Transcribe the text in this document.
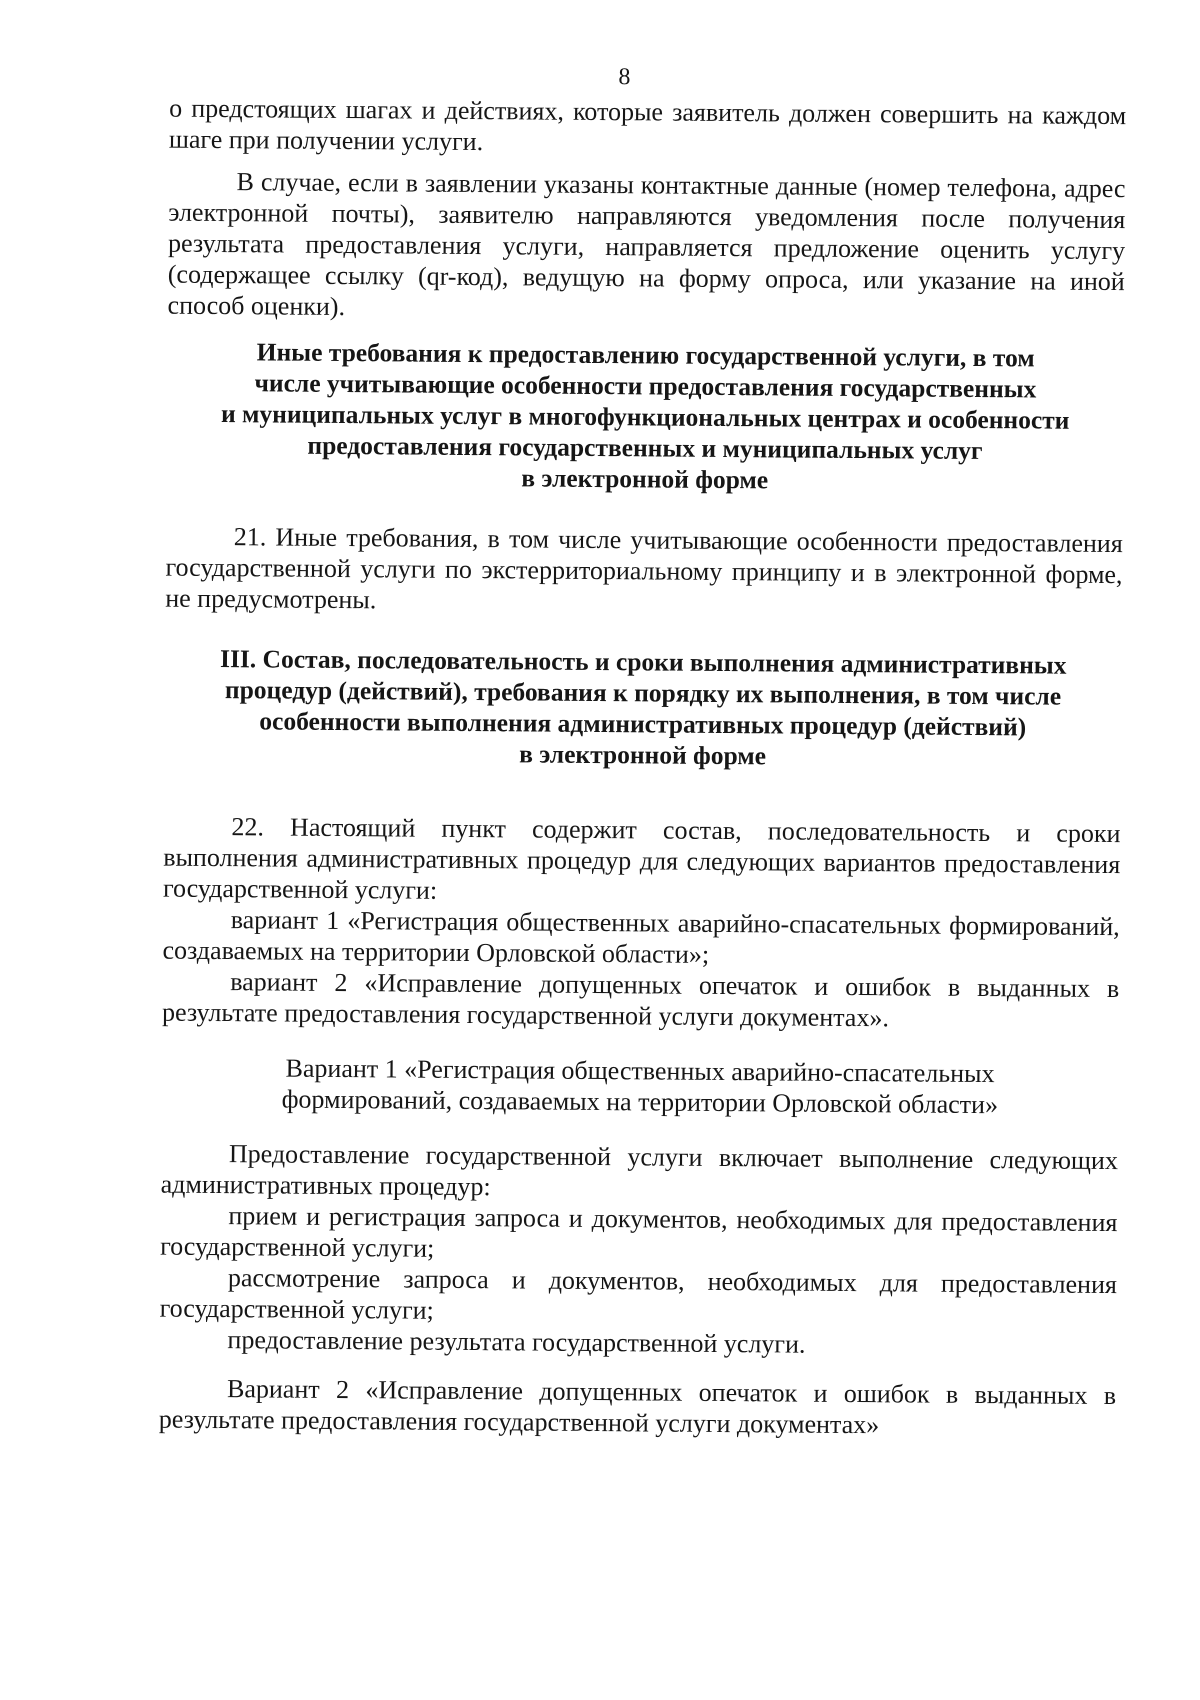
8

о предстоящих шагах и действиях, которые заявитель должен совершить на каждом шаге при получении услуги.

В случае, если в заявлении указаны контактные данные (номер телефона, адрес электронной почты), заявителю направляются уведомления после получения результата предоставления услуги, направляется предложение оценить услугу (содержащее ссылку (qr-код), ведущую на форму опроса, или указание на иной способ оценки).

Иные требования к предоставлению государственной услуги, в том

числе учитывающие особенности предоставления государственных

и муниципальных услуг в многофункциональных центрах и особенности

предоставления государственных и муниципальных услуг

в электронной форме

21. Иные требования, в том числе учитывающие особенности предоставления государственной услуги по экстерриториальному принципу и в электронной форме, не предусмотрены.

III. Состав, последовательность и сроки выполнения административных

процедур (действий), требования к порядку их выполнения, в том числе

особенности выполнения административных процедур (действий)

в электронной форме

22. Настоящий пункт содержит состав, последовательность и сроки выполнения административных процедур для следующих вариантов предоставления государственной услуги:

вариант 1 «Регистрация общественных аварийно-спасательных формирований, создаваемых на территории Орловской области»;

вариант 2 «Исправление допущенных опечаток и ошибок в выданных в результате предоставления государственной услуги документах».

Вариант 1 «Регистрация общественных аварийно-спасательных

формирований, создаваемых на территории Орловской области»

Предоставление государственной услуги включает выполнение следующих административных процедур:

прием и регистрация запроса и документов, необходимых для предоставления государственной услуги;

рассмотрение запроса и документов, необходимых для предоставления государственной услуги;

предоставление результата государственной услуги.

Вариант 2 «Исправление допущенных опечаток и ошибок в выданных в результате предоставления государственной услуги документах»
